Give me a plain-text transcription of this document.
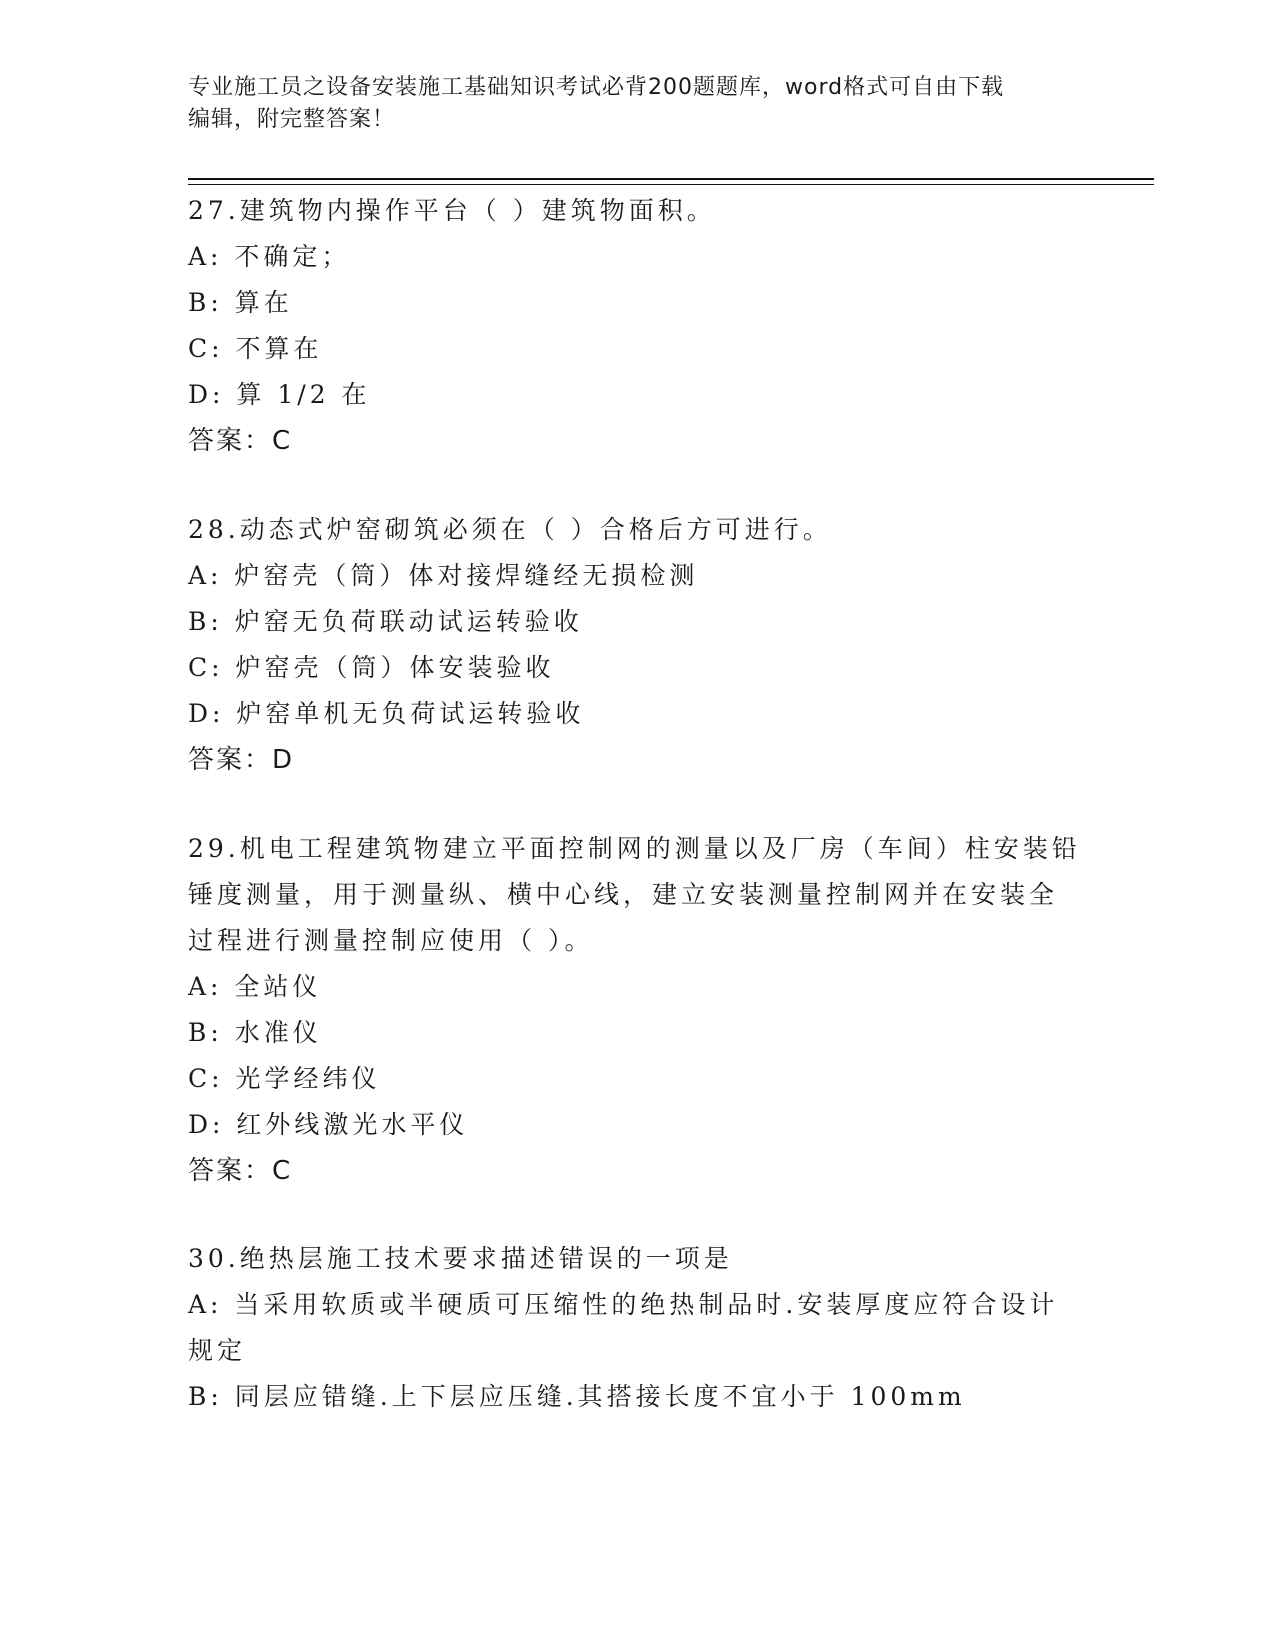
专业施工员之设备安装施工基础知识考试必背200题题库，word格式可自由下载
编辑，附完整答案！
27.建筑物内操作平台（ ）建筑物面积。
A: 不确定；
B: 算在
C: 不算在
D: 算 1/2 在
答案：C
28.动态式炉窑砌筑必须在（ ）合格后方可进行。
A: 炉窑壳（筒）体对接焊缝经无损检测
B: 炉窑无负荷联动试运转验收
C: 炉窑壳（筒）体安装验收
D: 炉窑单机无负荷试运转验收
答案：D
29.机电工程建筑物建立平面控制网的测量以及厂房（车间）柱安装铅
锤度测量，用于测量纵、横中心线，建立安装测量控制网并在安装全
过程进行测量控制应使用（ ）。
A: 全站仪
B: 水准仪
C: 光学经纬仪
D: 红外线激光水平仪
答案：C
30.绝热层施工技术要求描述错误的一项是
A: 当采用软质或半硬质可压缩性的绝热制品时.安装厚度应符合设计
规定
B: 同层应错缝.上下层应压缝.其搭接长度不宜小于 100mm
